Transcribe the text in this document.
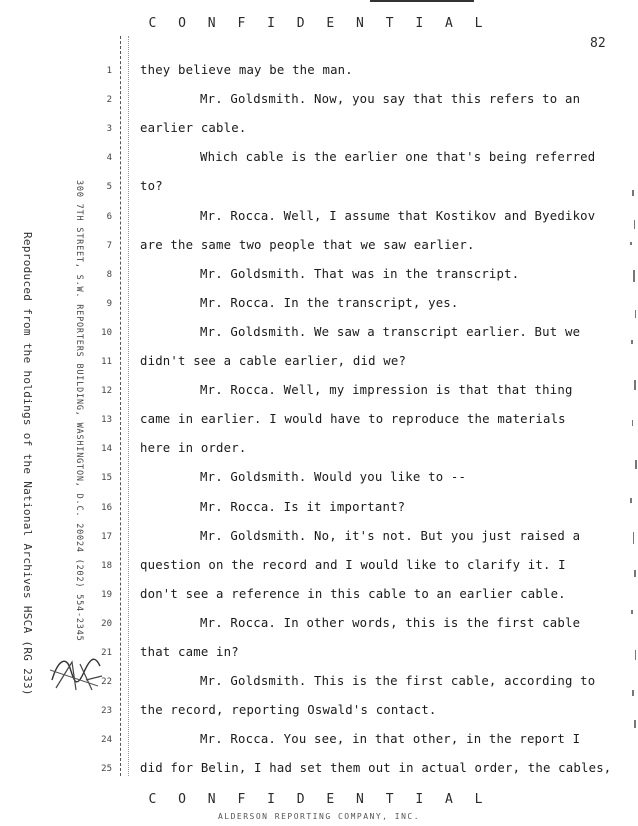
C O N F I D E N T I A L
82
Reproduced from the holdings of the National Archives HSCA (RG 233)	300 7TH STREET, S.W. REPORTERS BUILDING, WASHINGTON, D.C. 20024 (202) 554-2345
1
2
3
4
5
6
7
8
9
10
11
12
13
14
15
16
17
18
19
20
21
22
23
24
25
they believe may be the man.
Mr. Goldsmith. Now, you say that this refers to an
earlier cable.
Which cable is the earlier one that's being referred
to?
Mr. Rocca. Well, I assume that Kostikov and Byedikov
are the same two people that we saw earlier.
Mr. Goldsmith. That was in the transcript.
Mr. Rocca. In the transcript, yes.
Mr. Goldsmith. We saw a transcript earlier. But we
didn't see a cable earlier, did we?
Mr. Rocca. Well, my impression is that that thing
came in earlier. I would have to reproduce the materials
here in order.
Mr. Goldsmith. Would you like to --
Mr. Rocca. Is it important?
Mr. Goldsmith. No, it's not. But you just raised a
question on the record and I would like to clarify it. I
don't see a reference in this cable to an earlier cable.
Mr. Rocca. In other words, this is the first cable
that came in?
Mr. Goldsmith. This is the first cable, according to
the record, reporting Oswald's contact.
Mr. Rocca. You see, in that other, in the report I
did for Belin, I had set them out in actual order, the cables,
C O N F I D E N T I A L
ALDERSON REPORTING COMPANY, INC.
